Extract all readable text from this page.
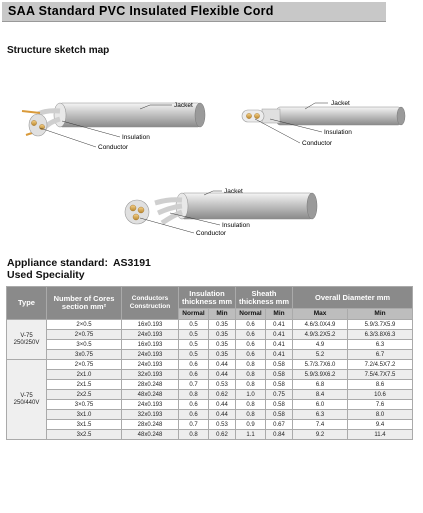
SAA Standard PVC Insulated Flexible Cord
Structure sketch map
Jacket
Insulation
Conductor
Jacket
Insulation
Conductor
Jacket
Insulation
Conductor
Appliance standard: AS3191
Used Speciality
Type	Number of Cores section mm²	Conductors Construction	Insulation thickness mm		Sheath thickness mm		Overall Diameter mm	
			Normal	Min	Normal	Min	Max	Min
V-75
250/250V	2×0.5	16x0.193	0.5	0.35	0.6	0.41	4.6/3.0X4.9	5.9/3.7X5.9
	2×0.75	24x0.193	0.5	0.35	0.6	0.41	4.9/3.2X5.2	6.3/3.8X6.3
	3×0.5	16x0.193	0.5	0.35	0.6	0.41	4.9	6.3
	3x0.75	24x0.193	0.5	0.35	0.6	0.41	5.2	6.7
V-75
250/440V	2×0.75	24x0.193	0.6	0.44	0.8	0.58	5.7/3.7X6.0	7.2/4.5X7.2
	2x1.0	32x0.193	0.6	0.44	0.8	0.58	5.9/3.9X6.2	7.5/4.7X7.5
	2x1.5	28x0.248	0.7	0.53	0.8	0.58	6.8	8.6
	2x2.5	48x0.248	0.8	0.62	1.0	0.75	8.4	10.6
	3×0.75	24x0.193	0.6	0.44	0.8	0.58	6.0	7.6
	3x1.0	32x0.193	0.6	0.44	0.8	0.58	6.3	8.0
	3x1.5	28x0.248	0.7	0.53	0.9	0.67	7.4	9.4
	3x2.5	48x0.248	0.8	0.62	1.1	0.84	9.2	11.4
